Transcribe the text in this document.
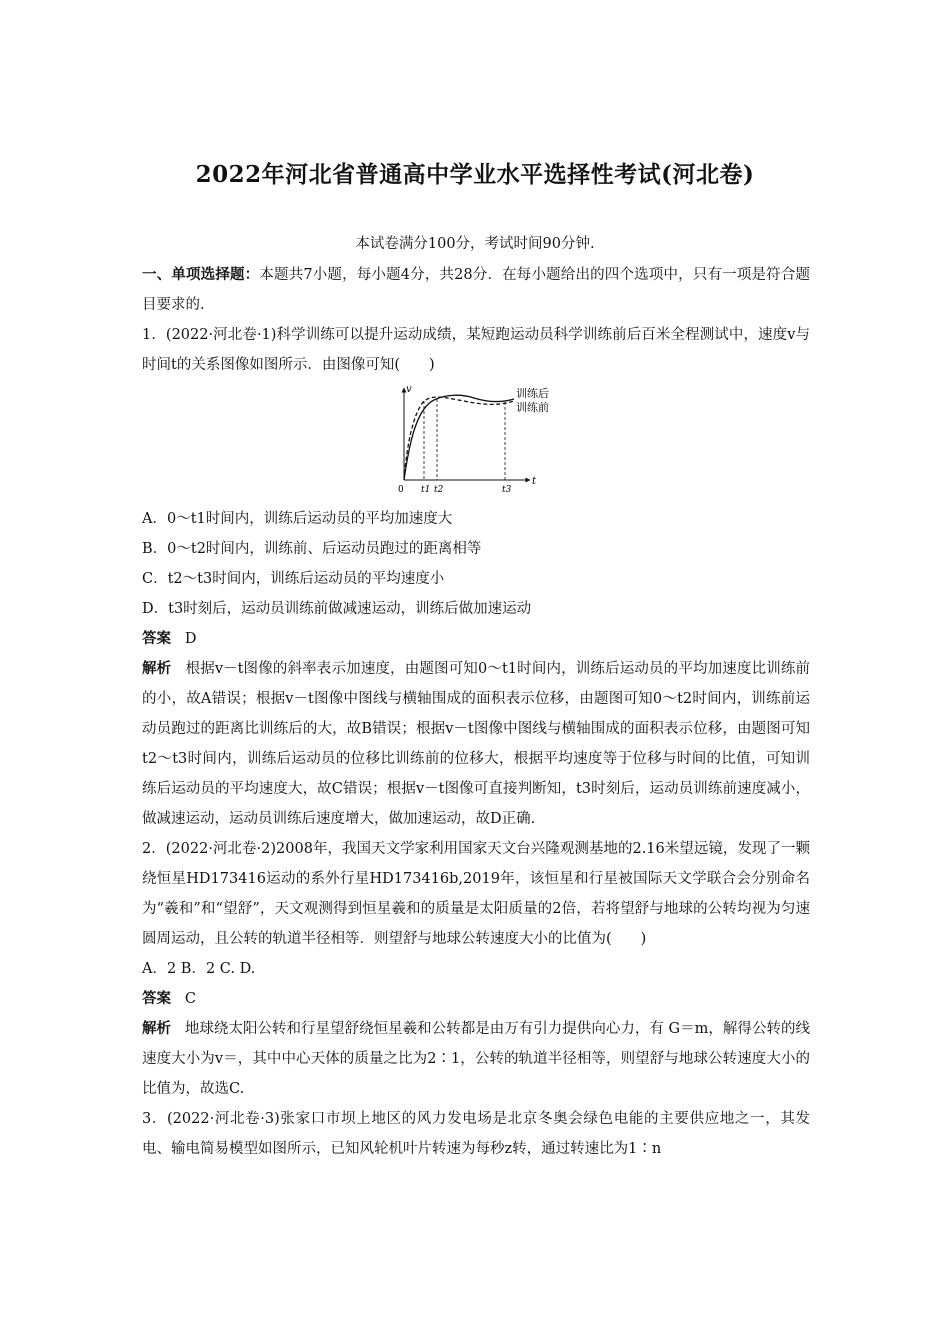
2022年河北省普通高中学业水平选择性考试(河北卷)
本试卷满分100分，考试时间90分钟.

一、单项选择题：本题共7小题，每小题4分，共28分．在每小题给出的四个选项中，只有一项是符合题目要求的.

1．(2022·河北卷·1)科学训练可以提升运动成绩，某短跑运动员科学训练前后百米全程测试中，速度v与时间t的关系图像如图所示．由图像可知(　　)

v
t
0 t1 t2	t3
训练后
训练前

A．0～t1时间内，训练后运动员的平均加速度大

B．0～t2时间内，训练前、后运动员跑过的距离相等

C．t2～t3时间内，训练后运动员的平均速度小

D．t3时刻后，运动员训练前做减速运动，训练后做加速运动

答案 D

解析 根据v－t图像的斜率表示加速度，由题图可知0～t1时间内，训练后运动员的平均加速度比训练前的小，故A错误；根据v－t图像中图线与横轴围成的面积表示位移，由题图可知0～t2时间内，训练前运动员跑过的距离比训练后的大，故B错误；根据v－t图像中图线与横轴围成的面积表示位移，由题图可知t2～t3时间内，训练后运动员的位移比训练前的位移大，根据平均速度等于位移与时间的比值，可知训练后运动员的平均速度大，故C错误；根据v－t图像可直接判断知，t3时刻后，运动员训练前速度减小，做减速运动，运动员训练后速度增大，做加速运动，故D正确.

2．(2022·河北卷·2)2008年，我国天文学家利用国家天文台兴隆观测基地的2.16米望远镜，发现了一颗绕恒星HD173416运动的系外行星HD173416b,2019年，该恒星和行星被国际天文学联合会分别命名为“羲和”和“望舒”，天文观测得到恒星羲和的质量是太阳质量的2倍，若将望舒与地球的公转均视为匀速圆周运动，且公转的轨道半径相等．则望舒与地球公转速度大小的比值为(　　)

A．2 B．2 C. D.

答案 C

解析 地球绕太阳公转和行星望舒绕恒星羲和公转都是由万有引力提供向心力，有 G＝m，解得公转的线速度大小为v＝，其中中心天体的质量之比为2∶1，公转的轨道半径相等，则望舒与地球公转速度大小的比值为，故选C.

3．(2022·河北卷·3)张家口市坝上地区的风力发电场是北京冬奥会绿色电能的主要供应地之一，其发电、输电简易模型如图所示，已知风轮机叶片转速为每秒z转，通过转速比为1∶n
